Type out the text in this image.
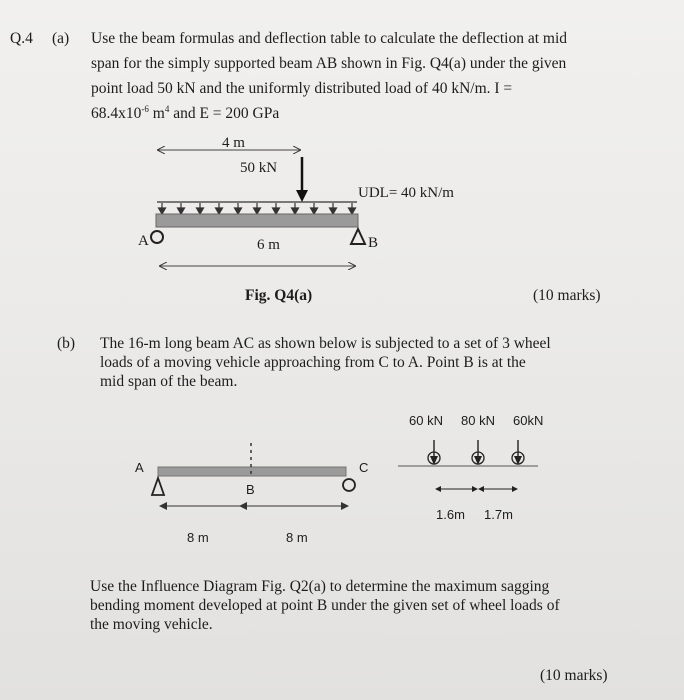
Q.4 (a) Use the beam formulas and deflection table to calculate the deflection at mid
span for the simply supported beam AB shown in Fig. Q4(a) under the given
point load 50 kN and the uniformly distributed load of 40 kN/m. I =
$68.4x10^{-6}$ $m^4$ and E = 200 GPa
4 m
50 kN
UDL= 40 kN/m
A	B
6 m
Fig. Q4(a)	(10 marks)
(b) The 16-m long beam AC as shown below is subjected to a set of 3 wheel
loads of a moving vehicle approaching from C to A. Point B is at the
mid span of the beam.
A
B
C
8 m	8 m
60 kN 80 kN 60kN
1.6m 1.7m
Use the Influence Diagram Fig. Q2(a) to determine the maximum sagging
bending moment developed at point B under the given set of wheel loads of
the moving vehicle.
(10 marks)
